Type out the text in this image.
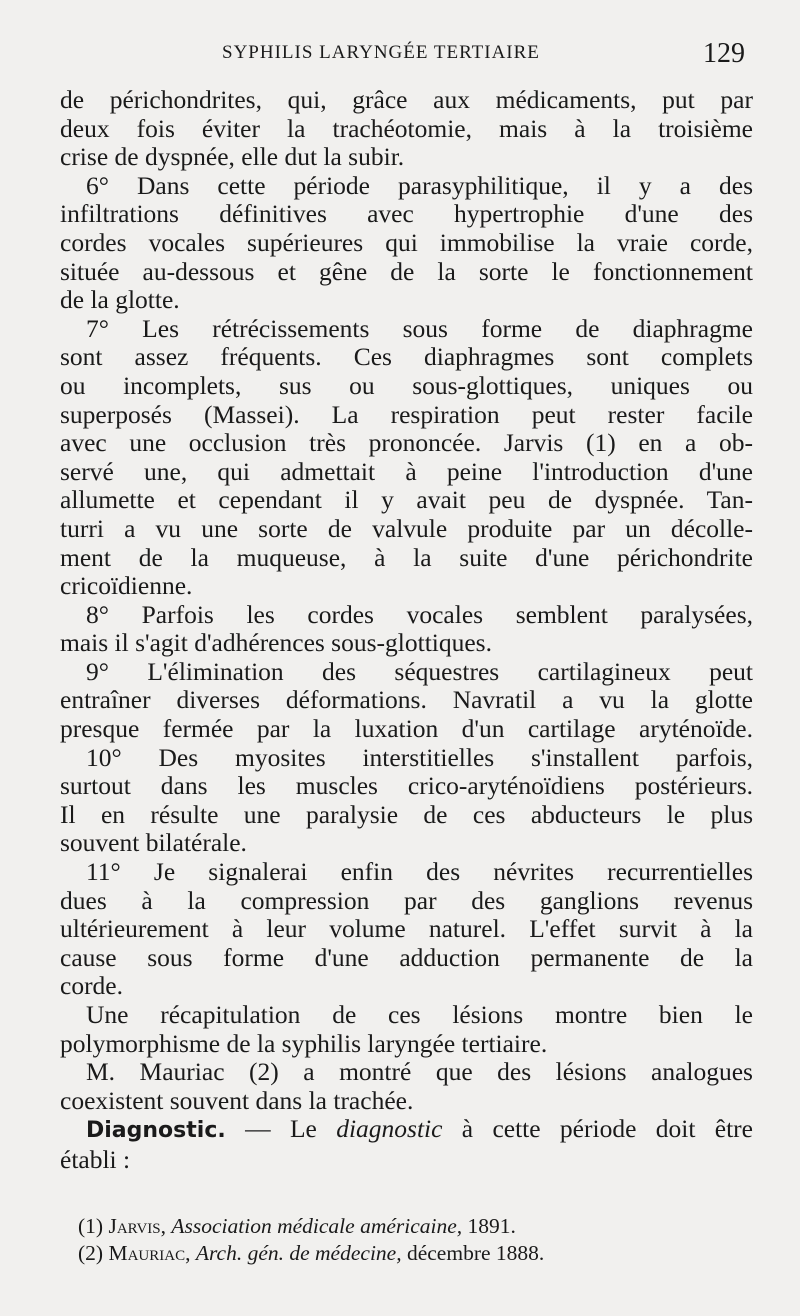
SYPHILIS LARYNGÉE TERTIAIRE	129
de périchondrites, qui, grâce aux médicaments, put par
deux fois éviter la trachéotomie, mais à la troisième
crise de dyspnée, elle dut la subir.
6° Dans cette période parasyphilitique, il y a des
infiltrations définitives avec hypertrophie d'une des
cordes vocales supérieures qui immobilise la vraie corde,
située au-dessous et gêne de la sorte le fonctionnement
de la glotte.
7° Les rétrécissements sous forme de diaphragme
sont assez fréquents. Ces diaphragmes sont complets
ou incomplets, sus ou sous-glottiques, uniques ou
superposés (Massei). La respiration peut rester facile
avec une occlusion très prononcée. Jarvis (1) en a ob-
servé une, qui admettait à peine l'introduction d'une
allumette et cependant il y avait peu de dyspnée. Tan-
turri a vu une sorte de valvule produite par un décolle-
ment de la muqueuse, à la suite d'une périchondrite
cricoïdienne.
8° Parfois les cordes vocales semblent paralysées,
mais il s'agit d'adhérences sous-glottiques.
9° L'élimination des séquestres cartilagineux peut
entraîner diverses déformations. Navratil a vu la glotte
presque fermée par la luxation d'un cartilage aryténoïde.
10° Des myosites interstitielles s'installent parfois,
surtout dans les muscles crico-aryténoïdiens postérieurs.
Il en résulte une paralysie de ces abducteurs le plus
souvent bilatérale.
11° Je signalerai enfin des névrites recurrentielles
dues à la compression par des ganglions revenus
ultérieurement à leur volume naturel. L'effet survit à la
cause sous forme d'une adduction permanente de la
corde.
Une récapitulation de ces lésions montre bien le
polymorphisme de la syphilis laryngée tertiaire.
M. Mauriac (2) a montré que des lésions analogues
coexistent souvent dans la trachée.
Diagnostic. — Le diagnostic à cette période doit être
établi :
(1) Jarvis, Association médicale américaine, 1891.
(2) Mauriac, Arch. gén. de médecine, décembre 1888.
